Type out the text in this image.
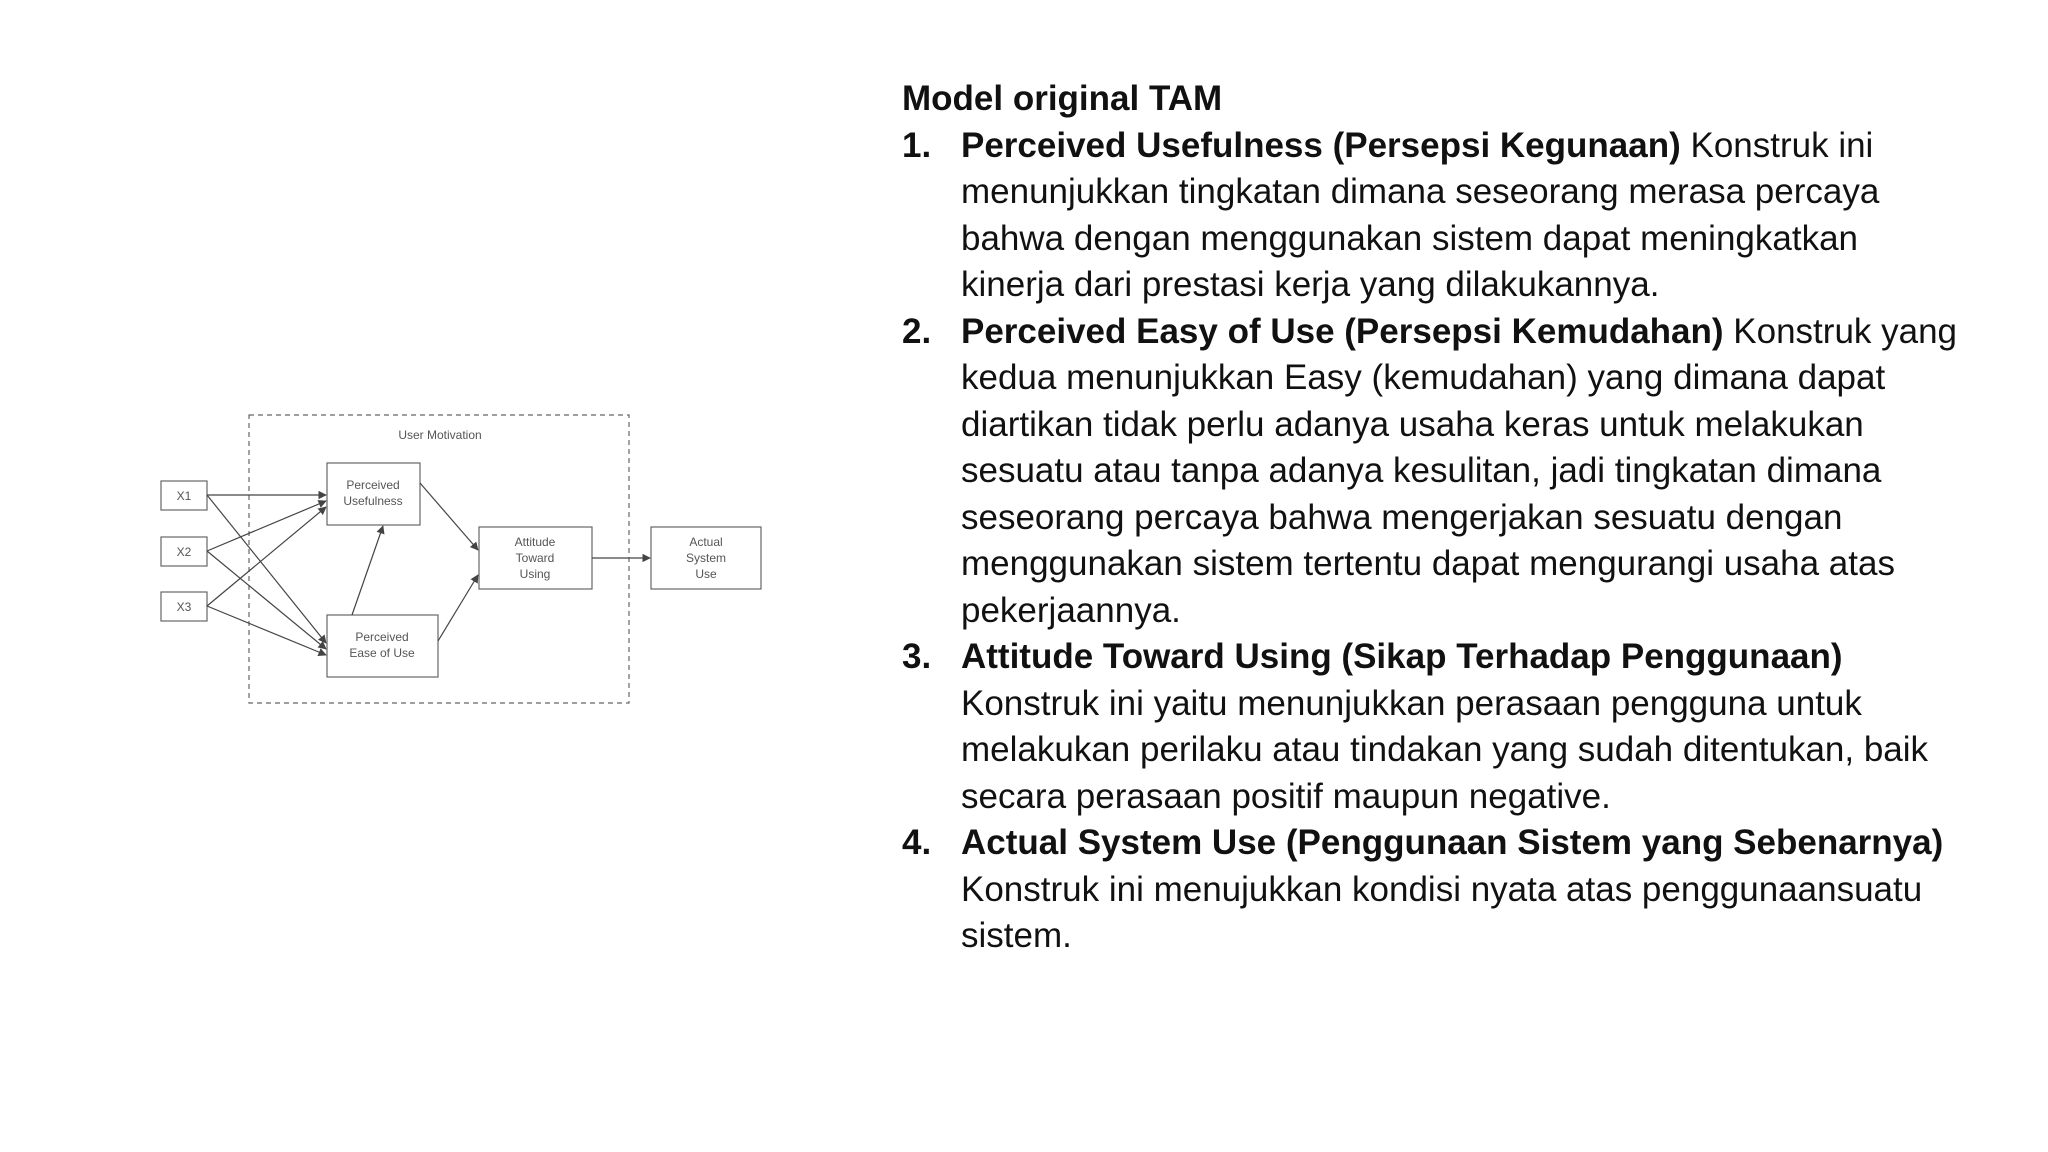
User Motivation
X1
X2
X3
Perceived
Usefulness
Perceived
Ease of Use
Attitude
Toward
Using
Actual
System
Use

Model original TAM

1. Perceived Usefulness (Persepsi Kegunaan) Konstruk ini menunjukkan tingkatan dimana seseorang merasa percaya bahwa dengan menggunakan sistem dapat meningkatkan kinerja dari prestasi kerja yang dilakukannya.
2. Perceived Easy of Use (Persepsi Kemudahan) Konstruk yang kedua menunjukkan Easy (kemudahan) yang dimana dapat diartikan tidak perlu adanya usaha keras untuk melakukan sesuatu atau tanpa adanya kesulitan, jadi tingkatan dimana seseorang percaya bahwa mengerjakan sesuatu dengan menggunakan sistem tertentu dapat mengurangi usaha atas pekerjaannya.
3. Attitude Toward Using (Sikap Terhadap Penggunaan) Konstruk ini yaitu menunjukkan perasaan pengguna untuk melakukan perilaku atau tindakan yang sudah ditentukan, baik secara perasaan positif maupun negative.
4. Actual System Use (Penggunaan Sistem yang Sebenarnya) Konstruk ini menujukkan kondisi nyata atas penggunaansuatu sistem.
